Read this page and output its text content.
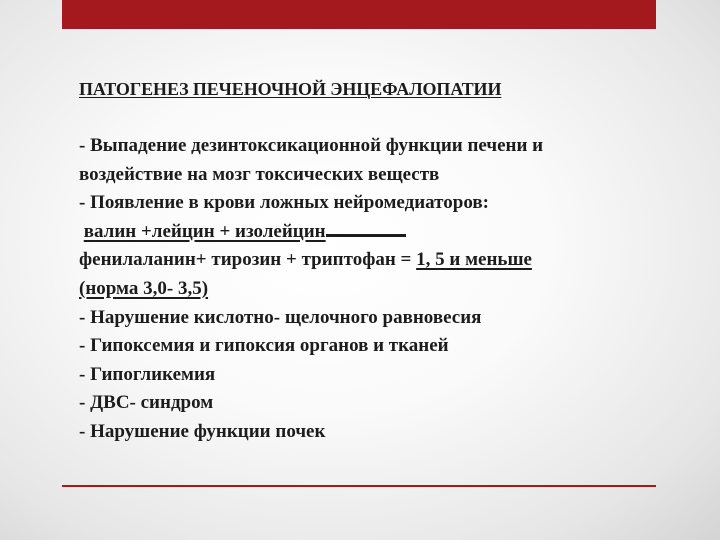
ПАТОГЕНЕЗ ПЕЧЕНОЧНОЙ ЭНЦЕФАЛОПАТИИ
- Выпадение дезинтоксикационной функции печени и
воздействие на мозг токсических веществ
- Появление в крови ложных нейромедиаторов:
валин +лейцин + изолейцин
фенилаланин+ тирозин + триптофан = 1, 5 и меньше
(норма 3,0- 3,5)
- Нарушение кислотно- щелочного равновесия
- Гипоксемия и гипоксия органов и тканей
- Гипогликемия
- ДВС- синдром
- Нарушение функции почек
